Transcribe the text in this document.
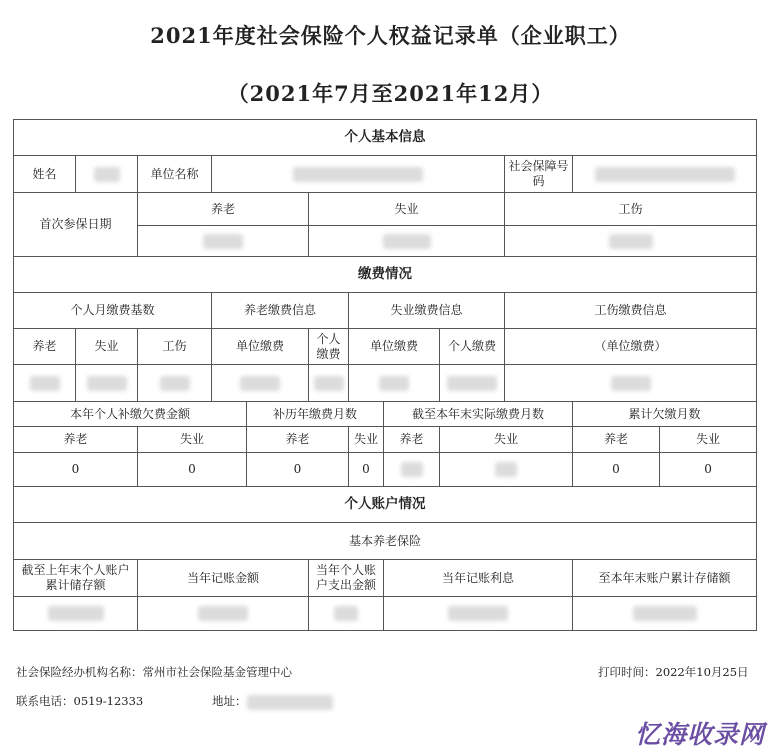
2021年度社会保险个人权益记录单（企业职工）
（2021年7月至2021年12月）
个人基本信息											
姓名		单位名称							社会保障号码		
首次参保日期		养老			失业				工伤		

缴费情况											
个人月缴费基数			养老缴费信息			失业缴费信息			工伤缴费信息		
养老	失业	工伤	单位缴费		个人缴费	单位缴费		个人缴费	（单位缴费）		

本年个人补缴欠费金额				补历年缴费月数			截至本年末实际缴费月数			累计欠缴月数	
养老		失业		养老		失业	养老	失业		养老	失业
0		0		0		0				0	0
个人账户情况											
基本养老保险											
截至上年末个人账户累计储存额		当年记账金额			当年个人账户支出金额		当年记账利息			至本年末账户累计存储额	

社会保险经办机构名称：常州市社会保险基金管理中心	打印时间：2022年10月25日
联系电话：0519-12333	地址：
忆海收录网
